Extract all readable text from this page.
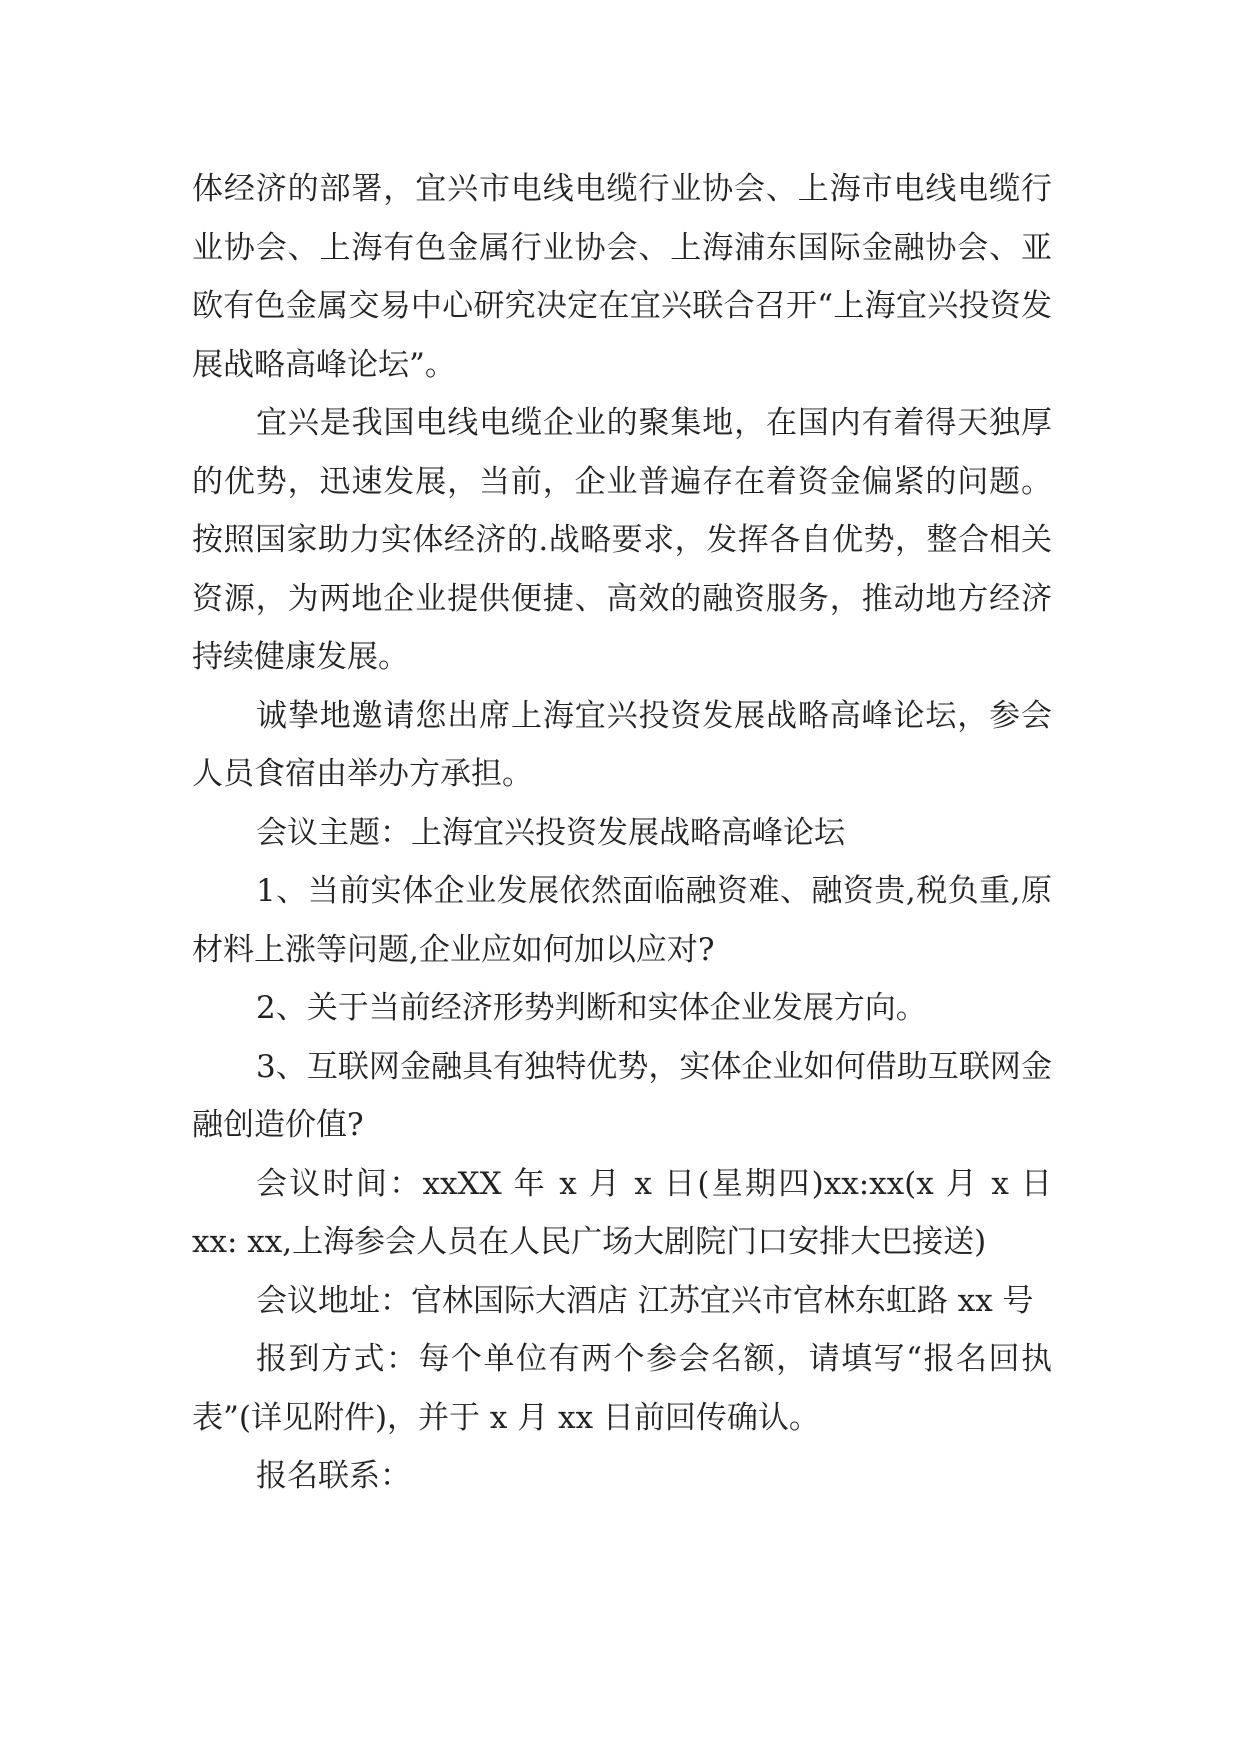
体经济的部署，宜兴市电线电缆行业协会、上海市电线电缆行业协会、上海有色金属行业协会、上海浦东国际金融协会、亚欧有色金属交易中心研究决定在宜兴联合召开“上海宜兴投资发展战略高峰论坛”。

宜兴是我国电线电缆企业的聚集地，在国内有着得天独厚的优势，迅速发展，当前，企业普遍存在着资金偏紧的问题。按照国家助力实体经济的.战略要求，发挥各自优势，整合相关资源，为两地企业提供便捷、高效的融资服务，推动地方经济持续健康发展。

诚挚地邀请您出席上海宜兴投资发展战略高峰论坛，参会人员食宿由举办方承担。

会议主题：上海宜兴投资发展战略高峰论坛

1、当前实体企业发展依然面临融资难、融资贵,税负重,原材料上涨等问题,企业应如何加以应对?

2、关于当前经济形势判断和实体企业发展方向。

3、互联网金融具有独特优势，实体企业如何借助互联网金融创造价值?

会议时间：xxXX 年 x 月 x 日(星期四)xx:xx(x 月 x 日 xx: xx,上海参会人员在人民广场大剧院门口安排大巴接送)

会议地址：官林国际大酒店 江苏宜兴市官林东虹路 xx 号

报到方式：每个单位有两个参会名额，请填写“报名回执表”(详见附件)，并于 x 月 xx 日前回传确认。

报名联系：
